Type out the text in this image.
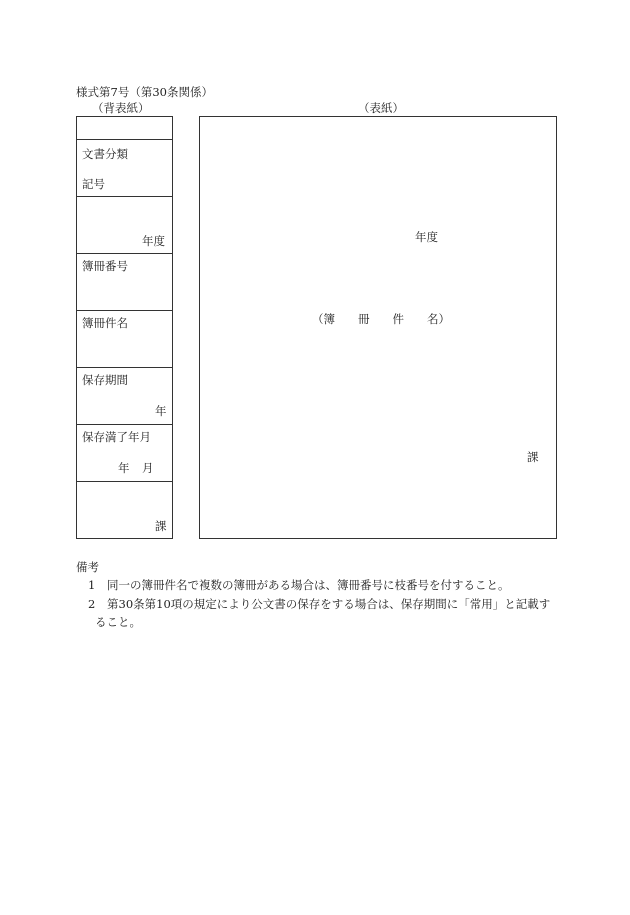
様式第7号（第30条関係）
（背表紙）	（表紙）
文書分類
記号
年度
簿冊番号
簿冊件名
保存期間
年
保存満了年月
年 月
課
年度
（簿　　冊　　件　　名）
課
備考
1 同一の簿冊件名で複数の簿冊がある場合は、簿冊番号に枝番号を付すること。
2 第30条第10項の規定により公文書の保存をする場合は、保存期間に「常用」と記載す
ること。
